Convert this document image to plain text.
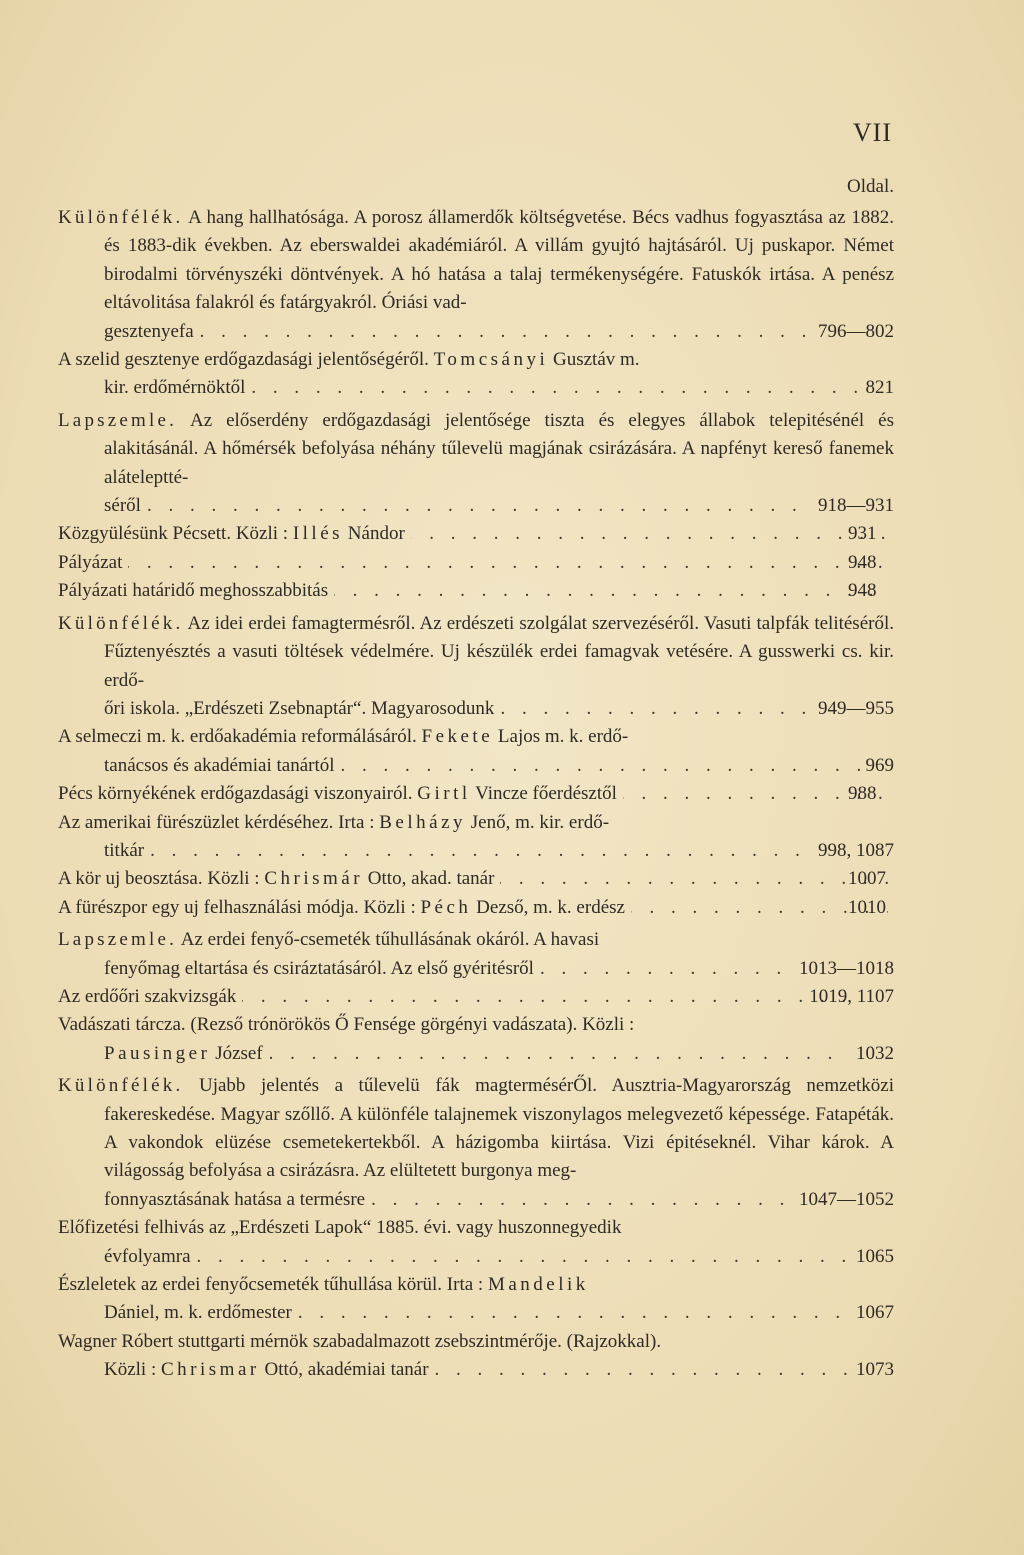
VII
Oldal.
Különfélék. A hang hallhatósága. A porosz államerdők költségvetése. Bécs vadhus fogyasztása az 1882. és 1883-dik években. Az eberswaldei akadémiáról. A villám gyujtó hajtásáról. Uj puskapor. Német birodalmi törvényszéki döntvények. A hó hatása a talaj termékenységére. Fatuskók irtása. A penész eltávolitása falakról és fatárgyakról. Óriási vad-
gesztenyefa . . .	796—802
A szelid gesztenye erdőgazdasági jelentőségéről. Tomcsányi Gusztáv m.
kir. erdőmérnöktől . . .	821
Lapszemle. Az előserdény erdőgazdasági jelentősége tiszta és elegyes állabok telepitésénél és alakitásánál. A hőmérsék befolyása néhány tűlevelü magjának csirázására. A napfényt kereső fanemek aláteleptté-
séről . . .	918—931
Közgyülésünk Pécsett. Közli : Illés Nándor . . .	931
Pályázat . . .	948
Pályázati határidő meghosszabbitás . . .	948
Különfélék. Az idei erdei famagtermésről. Az erdészeti szolgálat szervezéséről. Vasuti talpfák telitéséről. Fűztenyésztés a vasuti töltések védelmére. Uj készülék erdei famagvak vetésére. A gusswerki cs. kir. erdő-
őri iskola. „Erdészeti Zsebnaptár“. Magyarosodunk . . .	949—955
A selmeczi m. k. erdőakadémia reformálásáról. Fekete Lajos m. k. erdő-
tanácsos és akadémiai tanártól . . .	969
Pécs környékének erdőgazdasági viszonyairól. Girtl Vincze főerdésztől . . .	988
Az amerikai fürészüzlet kérdéséhez. Irta : Belházy Jenő, m. kir. erdő-
titkár . . .	998, 1087
A kör uj beosztása. Közli : Chrismár Otto, akad. tanár . . .	1007
A fürészpor egy uj felhasználási módja. Közli : Péch Dezső, m. k. erdész . . .	1010
Lapszemle. Az erdei fenyő-csemeték tűhullásának okáról. A havasi
fenyőmag eltartása és csiráztatásáról. Az első gyéritésről . . .	1013—1018
Az erdőőri szakvizsgák . . .	1019, 1107
Vadászati tárcza. (Rezső trónörökös Ő Fensége görgényi vadászata). Közli :
Pausinger József . . .	1032
Különfélék. Ujabb jelentés a tűlevelü fák magtermésérŐl. Ausztria-Magyarország nemzetközi fakereskedése. Magyar szőllő. A különféle talajnemek viszonylagos melegvezető képessége. Fatapéták. A vakondok elüzése csemetekertekből. A házigomba kiirtása. Vizi épitéseknél. Vihar károk. A világosság befolyása a csirázásra. Az elültetett burgonya meg-
fonnyasztásának hatása a termésre . . .	1047—1052
Előfizetési felhivás az „Erdészeti Lapok“ 1885. évi. vagy huszonnegyedik
évfolyamra . . .	1065
Észleletek az erdei fenyőcsemeték tűhullása körül. Irta : Mandelik
Dániel, m. k. erdőmester . . .	1067
Wagner Róbert stuttgarti mérnök szabadalmazott zsebszintmérője. (Rajzokkal).
Közli : Chrismar Ottó, akadémiai tanár . . .	1073
